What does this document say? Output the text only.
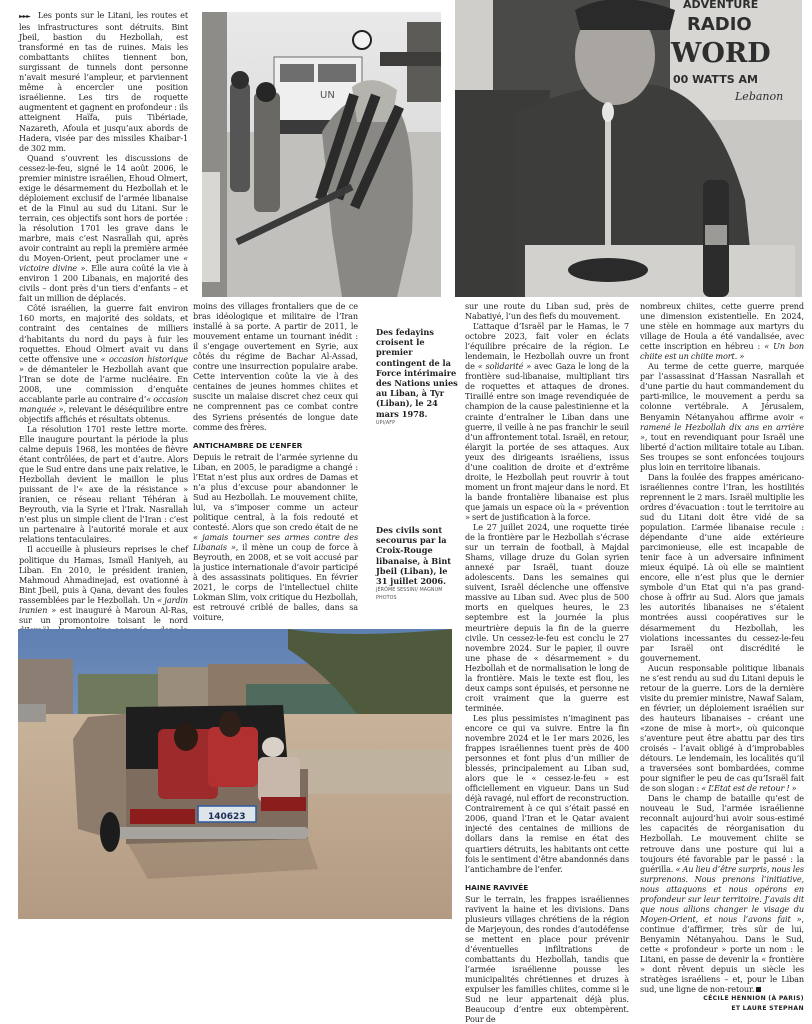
UN
ADVENTURE
RADIO
WORD
00 WATTS AM
Lebanon

►►► Les ponts sur le Litani, les routes et les infrastructures sont détruits. Bint Jbeil, bastion du Hezbollah, est transformé en tas de ruines. Mais les combattants chiites tiennent bon, surgissant de tunnels dont personne n’avait mesuré l’ampleur, et parviennent même à encercler une position israélienne. Les tirs de roquette augmentent et gagnent en profondeur : ils atteignent Haïfa, puis Tibériade, Nazareth, Afoula et jusqu’aux abords de Hadera, visée par des missiles Khaibar-1 de 302 mm.

Quand s’ouvrent les discussions de cessez-le-feu, signé le 14 août 2006, le premier ministre israélien, Ehoud Olmert, exige le désarmement du Hezbollah et le déploiement exclusif de l’armée libanaise et de la Finul au sud du Litani. Sur le terrain, ces objectifs sont hors de portée : la résolution 1701 les grave dans le marbre, mais c’est Nasrallah qui, après avoir contraint au repli la première armée du Moyen-Orient, peut proclamer une « victoire divine ». Elle aura coûté la vie à environ 1 200 Libanais, en majorité des civils – dont près d’un tiers d’enfants – et fait un million de déplacés.

Côté israélien, la guerre fait environ 160 morts, en majorité des soldats, et contraint des centaines de milliers d’habitants du nord du pays à fuir les roquettes. Ehoud Olmert avait vu dans cette offensive une « occasion historique » de démanteler le Hezbollah avant que l’Iran se dote de l’arme nucléaire. En 2008, une commission d’enquête accablante parle au contraire d’« occasion manquée », relevant le déséquilibre entre objectifs affichés et résultats obtenus.

La résolution 1701 reste lettre morte. Elle inaugure pourtant la période la plus calme depuis 1968, les montées de fièvre étant contrôlées, de part et d’autre. Alors que le Sud entre dans une paix relative, le Hezbollah devient le maillon le plus puissant de l’« axe de la résistance » iranien, ce réseau reliant Téhéran à Beyrouth, via la Syrie et l’Irak. Nasrallah n’est plus un simple client de l’Iran : c’est un partenaire à l’autorité morale et aux relations tentaculaires.

Il accueille à plusieurs reprises le chef politique du Hamas, Ismaïl Haniyeh, au Liban. En 2010, le président iranien, Mahmoud Ahmadinejad, est ovationné à Bint Jbeil, puis à Qana, devant des foules rassemblées par le Hezbollah. Un « jardin iranien » est inauguré à Maroun Al-Ras, sur un promontoire toisant le nord

moins des villages frontaliers que de ce bras idéologique et militaire de l’Iran installé à sa porte. A partir de 2011, le mouvement entame un tournant inédit : il s’engage ouvertement en Syrie, aux côtés du régime de Bachar Al-Assad, contre une insurrection populaire arabe. Cette intervention coûte la vie à des centaines de jeunes hommes chiites et suscite un malaise discret chez ceux qui ne comprennent pas ce combat contre des Syriens présentés de longue date comme des frères.

ANTICHAMBRE DE L’ENFER

Depuis le retrait de l’armée syrienne du Liban, en 2005, le paradigme a changé : l’Etat n’est plus aux ordres de Damas et n’a plus d’excuse pour abandonner le Sud au Hezbollah. Le mouvement chiite, lui, va s’imposer comme un acteur politique central, à la fois redouté et contesté. Alors que son credo était de ne « jamais tourner ses armes contre des Libanais », il mène un coup de force à Beyrouth, en 2008, et se voit accusé par la justice internationale d’avoir participé à des assassinats politiques. En février 2021, le corps de l’intellectuel chiite Lokman Slim, voix critique du Hezbollah, est retrouvé criblé de balles, dans sa voiture,

Des fedayins croisent le premier contingent de la Force intérimaire des Nations unies au Liban, à Tyr (Liban), le 24 mars 1978.
UPI/AFP
Des civils sont secourus par la Croix-Rouge libanaise, à Bint Jbeil (Liban), le 31 juillet 2006.
JÉRÔME SESSINI/ MAGNUM PHOTOS

sur une route du Liban sud, près de Nabatiyé, l’un des fiefs du mouvement.

L’attaque d’Israël par le Hamas, le 7 octobre 2023, fait voler en éclats l’équilibre précaire de la région. Le lendemain, le Hezbollah ouvre un front de « solidarité » avec Gaza le long de la frontière sud-libanaise, multipliant tirs de roquettes et attaques de drones. Tiraillé entre son image revendiquée de champion de la cause palestinienne et la crainte d’entraîner le Liban dans une guerre, il veille à ne pas franchir le seuil d’un affrontement total. Israël, en retour, élargit la portée de ses attaques. Aux yeux des dirigeants israéliens, issus d’une coalition de droite et d’extrême droite, le Hezbollah peut rouvrir à tout moment un front majeur dans le nord. Et la bande frontalière libanaise est plus que jamais un espace où la « prévention » sert de justification à la force.

Le 27 juillet 2024, une roquette tirée de la frontière par le Hezbollah s’écrase sur un terrain de football, à Majdal Shams, village druze du Golan syrien annexé par Israël, tuant douze adolescents. Dans les semaines qui suivent, Israël déclenche une offensive massive au Liban sud. Avec plus de 500 morts en quelques heures, le 23 septembre est la journée la plus meurtrière depuis la fin de la guerre civile. Un cessez-le-feu est conclu le 27 novembre 2024. Sur le papier, il ouvre une phase de « désarmement » du Hezbollah et de normalisation le long de la frontière. Mais le texte est flou, les deux camps sont épuisés, et personne ne croit vraiment que la guerre est terminée.

Les plus pessimistes n’imaginent pas encore ce qui va suivre. Entre la fin novembre 2024 et le 1er mars 2026, les frappes israéliennes tuent près de 400 personnes et font plus d’un millier de blessés, principalement au Liban sud, alors que le « cessez-le-feu » est officiellement en vigueur. Dans un Sud déjà ravagé, nul effort de reconstruction. Contrairement à ce qui s’était passé en 2006, quand l’Iran et le Qatar avaient injecté des centaines de millions de dollars dans la remise en état des quartiers détruits, les habitants ont cette fois le sentiment d’être abandonnés dans l’antichambre de l’enfer.

HAINE RAVIVÉE

Sur le terrain, les frappes israéliennes ravivent la haine et les divisions. Dans plusieurs villages chrétiens de la région de Marjeyoun, des rondes d’autodéfense se mettent en place pour prévenir d’éventuelles infiltrations de combattants du Hezbollah, tandis que l’armée israélienne pousse les municipalités chrétiennes et druzes à expulser les familles chiites, comme si le Sud ne leur appartenait déjà plus. Beaucoup d’entre eux obtempèrent. Pour de

nombreux chiites, cette guerre prend une dimension existentielle. En 2024, une stèle en hommage aux martyrs du village de Houla a été vandalisée, avec cette inscription en hébreu : « Un bon chiite est un chiite mort. »

Au terme de cette guerre, marquée par l’assassinat d’Hassan Nasrallah et d’une partie du haut commandement du parti-milice, le mouvement a perdu sa colonne vertébrale. A Jérusalem, Benyamin Nétanyahou affirme avoir « ramené le Hezbollah dix ans en arrière », tout en revendiquant pour Israël une liberté d’action militaire totale au Liban. Ses troupes se sont enfoncées toujours plus loin en territoire libanais.

Dans la foulée des frappes américano-israéliennes contre l’Iran, les hostilités reprennent le 2 mars. Israël multiplie les ordres d’évacuation : tout le territoire au sud du Litani doit être vidé de sa population. L’armée libanaise recule : dépendante d’une aide extérieure parcimonieuse, elle est incapable de tenir face à un adversaire infiniment mieux équipé. Là où elle se maintient encore, elle n’est plus que le dernier symbole d’un Etat qui n’a pas grand-chose à offrir au Sud. Alors que jamais les autorités libanaises ne s’étaient montrées aussi coopératives sur le désarmement du Hezbollah, les violations incessantes du cessez-le-feu par Israël ont discrédité le gouvernement.

Aucun responsable politique libanais ne s’est rendu au sud du Litani depuis le retour de la guerre. Lors de la dernière visite du premier ministre, Nawaf Salam, en février, un déploiement israélien sur des hauteurs libanaises – créant une «zone de mise à mort», où quiconque s’aventure peut être abattu par des tirs croisés – l’avait obligé à d’improbables détours. Le lendemain, les localités qu’il a traversées sont bombardées, comme pour signifier le peu de cas qu’Israël fait de son slogan : « L’Etat est de retour ! »

Dans le champ de bataille qu’est de nouveau le Sud, l’armée israélienne reconnaît aujourd’hui avoir sous-estimé les capacités de réorganisation du Hezbollah. Le mouvement chiite se retrouve dans une posture qui lui a toujours été favorable par le passé : la guérilla. « Au lieu d’être surpris, nous les surprenons. Nous prenons l’initiative, nous attaquons et nous opérons en profondeur sur leur territoire. J’avais dit que nous allions changer le visage du Moyen-Orient, et nous l’avons fait », continue d’affirmer, très sûr de lui, Benyamin Nétanyahou. Dans le Sud, cette « profondeur » porte un nom : le Litani, en passe de devenir la « frontière » dont rêvent depuis un siècle les stratèges israéliens – et, pour le Liban sud, une ligne de non-retour.

CÉCILE HENNION (À PARIS)

ET LAURE STEPHAN

140623
